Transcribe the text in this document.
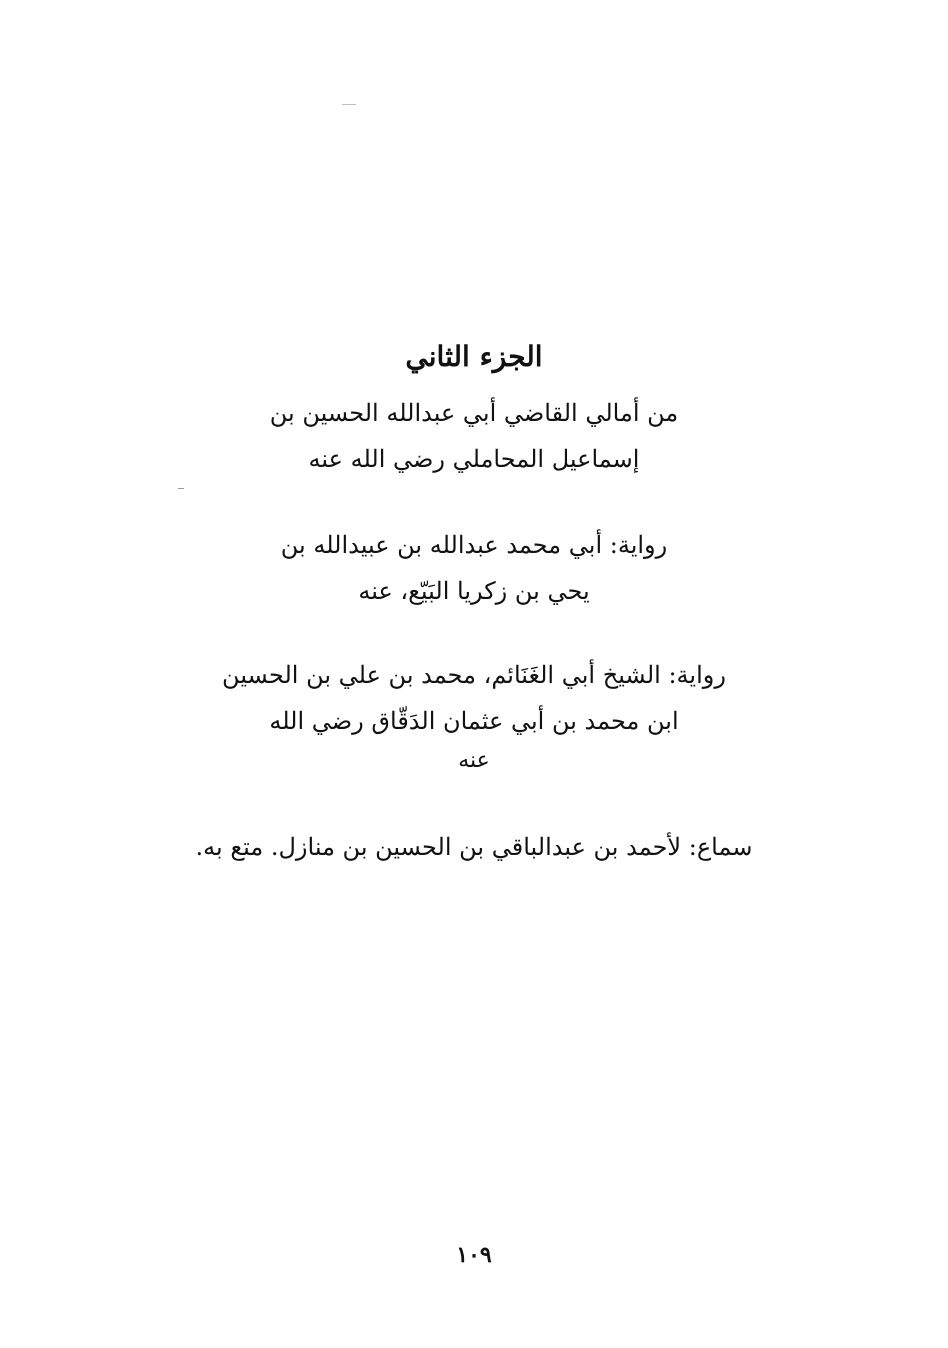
الجزء الثاني
من أمالي القاضي أبي عبدالله الحسين بن
إسماعيل المحاملي رضي الله عنه
رواية: أبي محمد عبدالله بن عبيدالله بن
يحي بن زكريا البَيّع، عنه
رواية: الشيخ أبي الغَنَائم، محمد بن علي بن الحسين
ابن محمد بن أبي عثمان الدَقّاق رضي الله
عنه
سماع: لأحمد بن عبدالباقي بن الحسين بن منازل. متع به.
١٠٩
